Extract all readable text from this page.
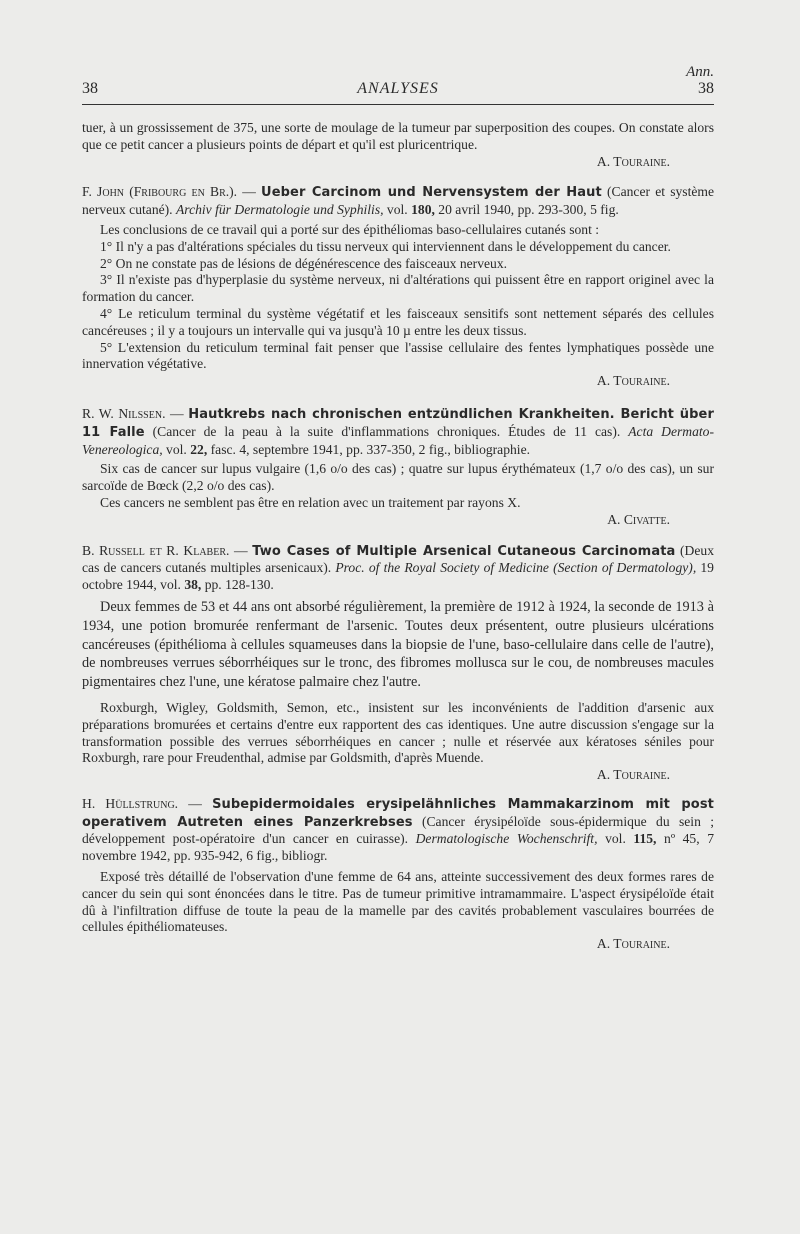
Ann.
38	ANALYSES	38

tuer, à un grossissement de 375, une sorte de moulage de la tumeur par superposition des coupes. On constate alors que ce petit cancer a plusieurs points de départ et qu'il est pluricentrique.

A. Touraine.

F. John (Fribourg en Br.). — Ueber Carcinom und Nervensystem der Haut (Cancer et système nerveux cutané). Archiv für Dermatologie und Syphilis, vol. 180, 20 avril 1940, pp. 293-300, 5 fig.

Les conclusions de ce travail qui a porté sur des épithéliomas baso-cellulaires cutanés sont :

1° Il n'y a pas d'altérations spéciales du tissu nerveux qui interviennent dans le développement du cancer.

2° On ne constate pas de lésions de dégénérescence des faisceaux nerveux.

3° Il n'existe pas d'hyperplasie du système nerveux, ni d'altérations qui puissent être en rapport originel avec la formation du cancer.

4° Le reticulum terminal du système végétatif et les faisceaux sensitifs sont nettement séparés des cellules cancéreuses ; il y a toujours un intervalle qui va jusqu'à 10 µ entre les deux tissus.

5° L'extension du reticulum terminal fait penser que l'assise cellulaire des fentes lymphatiques possède une innervation végétative.

A. Touraine.

R. W. Nilssen. — Hautkrebs nach chronischen entzündlichen Krankheiten. Bericht über 11 Falle (Cancer de la peau à la suite d'inflammations chroniques. Études de 11 cas). Acta Dermato-Venereologica, vol. 22, fasc. 4, septembre 1941, pp. 337-350, 2 fig., bibliographie.

Six cas de cancer sur lupus vulgaire (1,6 o/o des cas) ; quatre sur lupus érythémateux (1,7 o/o des cas), un sur sarcoïde de Bœck (2,2 o/o des cas).

Ces cancers ne semblent pas être en relation avec un traitement par rayons X.

A. Civatte.

B. Russell et R. Klaber. — Two Cases of Multiple Arsenical Cutaneous Carcinomata (Deux cas de cancers cutanés multiples arsenicaux). Proc. of the Royal Society of Medicine (Section of Dermatology), 19 octobre 1944, vol. 38, pp. 128-130.

Deux femmes de 53 et 44 ans ont absorbé régulièrement, la première de 1912 à 1924, la seconde de 1913 à 1934, une potion bromurée renfermant de l'arsenic. Toutes deux présentent, outre plusieurs ulcérations cancéreuses (épithélioma à cellules squameuses dans la biopsie de l'une, baso-cellulaire dans celle de l'autre), de nombreuses verrues séborrhéiques sur le tronc, des fibromes mollusca sur le cou, de nombreuses macules pigmentaires chez l'une, une kératose palmaire chez l'autre.

Roxburgh, Wigley, Goldsmith, Semon, etc., insistent sur les inconvénients de l'addition d'arsenic aux préparations bromurées et certains d'entre eux rapportent des cas identiques. Une autre discussion s'engage sur la transformation possible des verrues séborrhéiques en cancer ; nulle et réservée aux kératoses séniles pour Roxburgh, rare pour Freudenthal, admise par Goldsmith, d'après Muende.

A. Touraine.

H. Hüllstrung. — Subepidermoidales erysipelähnliches Mammakarzinom mit post operativem Autreten eines Panzerkrebses (Cancer érysipéloïde sous-épidermique du sein ; développement post-opératoire d'un cancer en cuirasse). Dermatologische Wochenschrift, vol. 115, nº 45, 7 novembre 1942, pp. 935-942, 6 fig., bibliogr.

Exposé très détaillé de l'observation d'une femme de 64 ans, atteinte successivement des deux formes rares de cancer du sein qui sont énoncées dans le titre. Pas de tumeur primitive intramammaire. L'aspect érysipéloïde était dû à l'infiltration diffuse de toute la peau de la mamelle par des cavités probablement vasculaires bourrées de cellules épithéliomateuses.

A. Touraine.
